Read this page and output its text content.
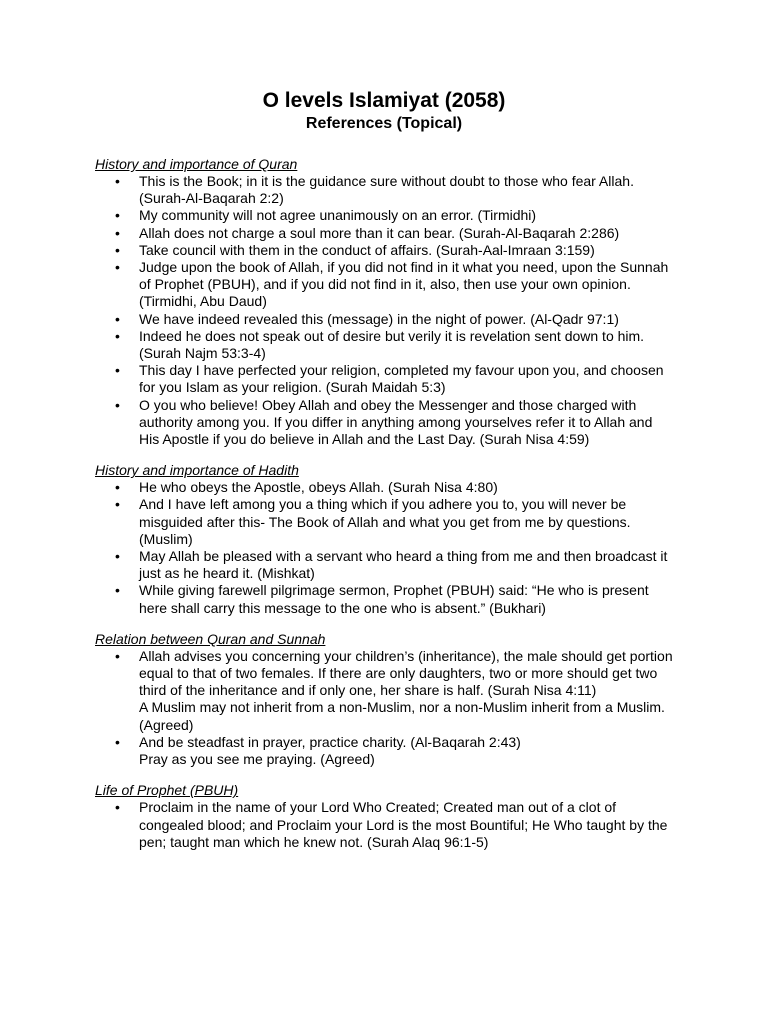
O levels Islamiyat (2058)
References (Topical)
History and importance of Quran
• This is the Book; in it is the guidance sure without doubt to those who fear Allah. (Surah-Al-Baqarah 2:2)
• My community will not agree unanimously on an error. (Tirmidhi)
• Allah does not charge a soul more than it can bear. (Surah-Al-Baqarah 2:286)
• Take council with them in the conduct of affairs. (Surah-Aal-Imraan 3:159)
• Judge upon the book of Allah, if you did not find in it what you need, upon the Sunnah of Prophet (PBUH), and if you did not find in it, also, then use your own opinion. (Tirmidhi, Abu Daud)
• We have indeed revealed this (message) in the night of power. (Al-Qadr 97:1)
• Indeed he does not speak out of desire but verily it is revelation sent down to him. (Surah Najm 53:3-4)
• This day I have perfected your religion, completed my favour upon you, and choosen for you Islam as your religion. (Surah Maidah 5:3)
• O you who believe! Obey Allah and obey the Messenger and those charged with authority among you. If you differ in anything among yourselves refer it to Allah and His Apostle if you do believe in Allah and the Last Day. (Surah Nisa 4:59)
History and importance of Hadith
• He who obeys the Apostle, obeys Allah. (Surah Nisa 4:80)
• And I have left among you a thing which if you adhere you to, you will never be misguided after this- The Book of Allah and what you get from me by questions. (Muslim)
• May Allah be pleased with a servant who heard a thing from me and then broadcast it just as he heard it. (Mishkat)
• While giving farewell pilgrimage sermon, Prophet (PBUH) said: “He who is present here shall carry this message to the one who is absent.” (Bukhari)
Relation between Quran and Sunnah
• Allah advises you concerning your children’s (inheritance), the male should get portion equal to that of two females. If there are only daughters, two or more should get two third of the inheritance and if only one, her share is half. (Surah Nisa 4:11)
A Muslim may not inherit from a non-Muslim, nor a non-Muslim inherit from a Muslim. (Agreed)
• And be steadfast in prayer, practice charity. (Al-Baqarah 2:43)
Pray as you see me praying. (Agreed)
Life of Prophet (PBUH)
• Proclaim in the name of your Lord Who Created; Created man out of a clot of congealed blood; and Proclaim your Lord is the most Bountiful; He Who taught by the pen; taught man which he knew not. (Surah Alaq 96:1-5)
